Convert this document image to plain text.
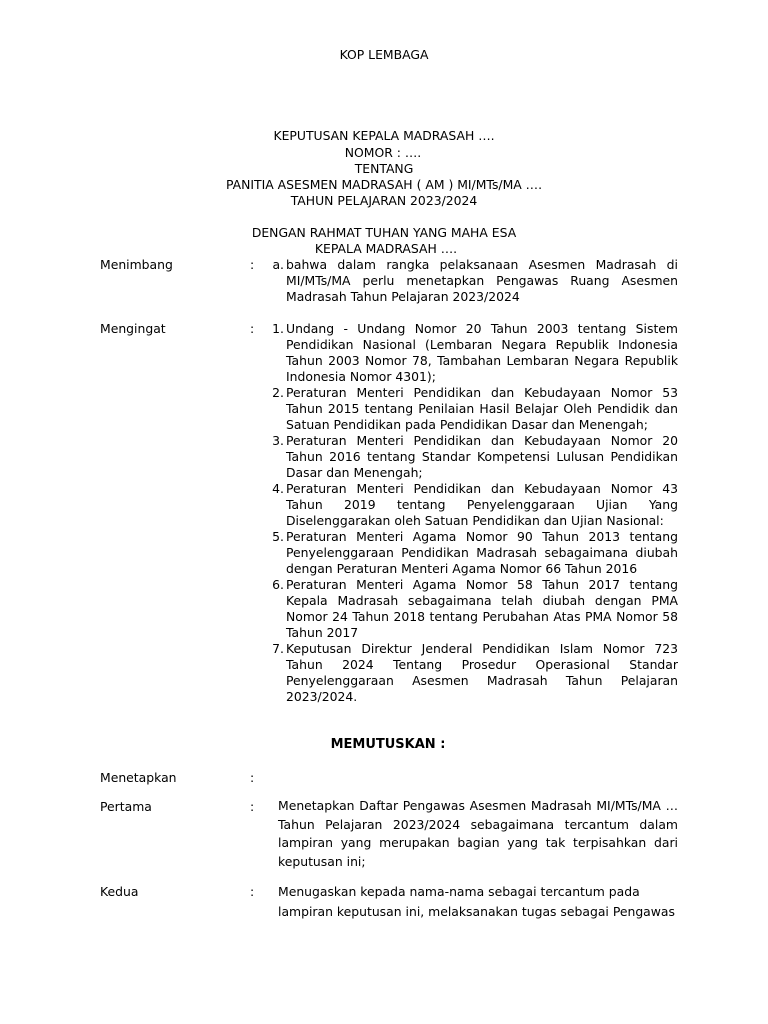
KOP LEMBAGA
KEPUTUSAN KEPALA MADRASAH ….
NOMOR : ….
TENTANG
PANITIA ASESMEN MADRASAH ( AM ) MI/MTs/MA ….
TAHUN PELAJARAN 2023/2024
DENGAN RAHMAT TUHAN YANG MAHA ESA
KEPALA MADRASAH ….
Menimbang	:	a. bahwa dalam rangka pelaksanaan Asesmen Madrasah di MI/MTs/MA perlu menetapkan Pengawas Ruang Asesmen Madrasah Tahun Pelajaran 2023/2024
Mengingat	:	1. Undang - Undang Nomor 20 Tahun 2003 tentang Sistem Pendidikan Nasional (Lembaran Negara Republik Indonesia Tahun 2003 Nomor 78, Tambahan Lembaran Negara Republik Indonesia Nomor 4301);
2. Peraturan Menteri Pendidikan dan Kebudayaan Nomor 53 Tahun 2015 tentang Penilaian Hasil Belajar Oleh Pendidik dan Satuan Pendidikan pada Pendidikan Dasar dan Menengah;
3. Peraturan Menteri Pendidikan dan Kebudayaan Nomor 20 Tahun 2016 tentang Standar Kompetensi Lulusan Pendidikan Dasar dan Menengah;
4. Peraturan Menteri Pendidikan dan Kebudayaan Nomor 43 Tahun 2019 tentang Penyelenggaraan Ujian Yang Diselenggarakan oleh Satuan Pendidikan dan Ujian Nasional:
5. Peraturan Menteri Agama Nomor 90 Tahun 2013 tentang Penyelenggaraan Pendidikan Madrasah sebagaimana diubah dengan Peraturan Menteri Agama Nomor 66 Tahun 2016
6. Peraturan Menteri Agama Nomor 58 Tahun 2017 tentang Kepala Madrasah sebagaimana telah diubah dengan PMA Nomor 24 Tahun 2018 tentang Perubahan Atas PMA Nomor 58 Tahun 2017
7. Keputusan Direktur Jenderal Pendidikan Islam Nomor 723 Tahun 2024 Tentang Prosedur Operasional Standar Penyelenggaraan Asesmen Madrasah Tahun Pelajaran 2023/2024.
MEMUTUSKAN :
Menetapkan	:
Pertama	: Menetapkan Daftar Pengawas Asesmen Madrasah MI/MTs/MA … Tahun Pelajaran 2023/2024 sebagaimana tercantum dalam lampiran yang merupakan bagian yang tak terpisahkan dari keputusan ini;
Kedua	: Menugaskan kepada nama-nama sebagai tercantum pada lampiran keputusan ini, melaksanakan tugas sebagai Pengawas
